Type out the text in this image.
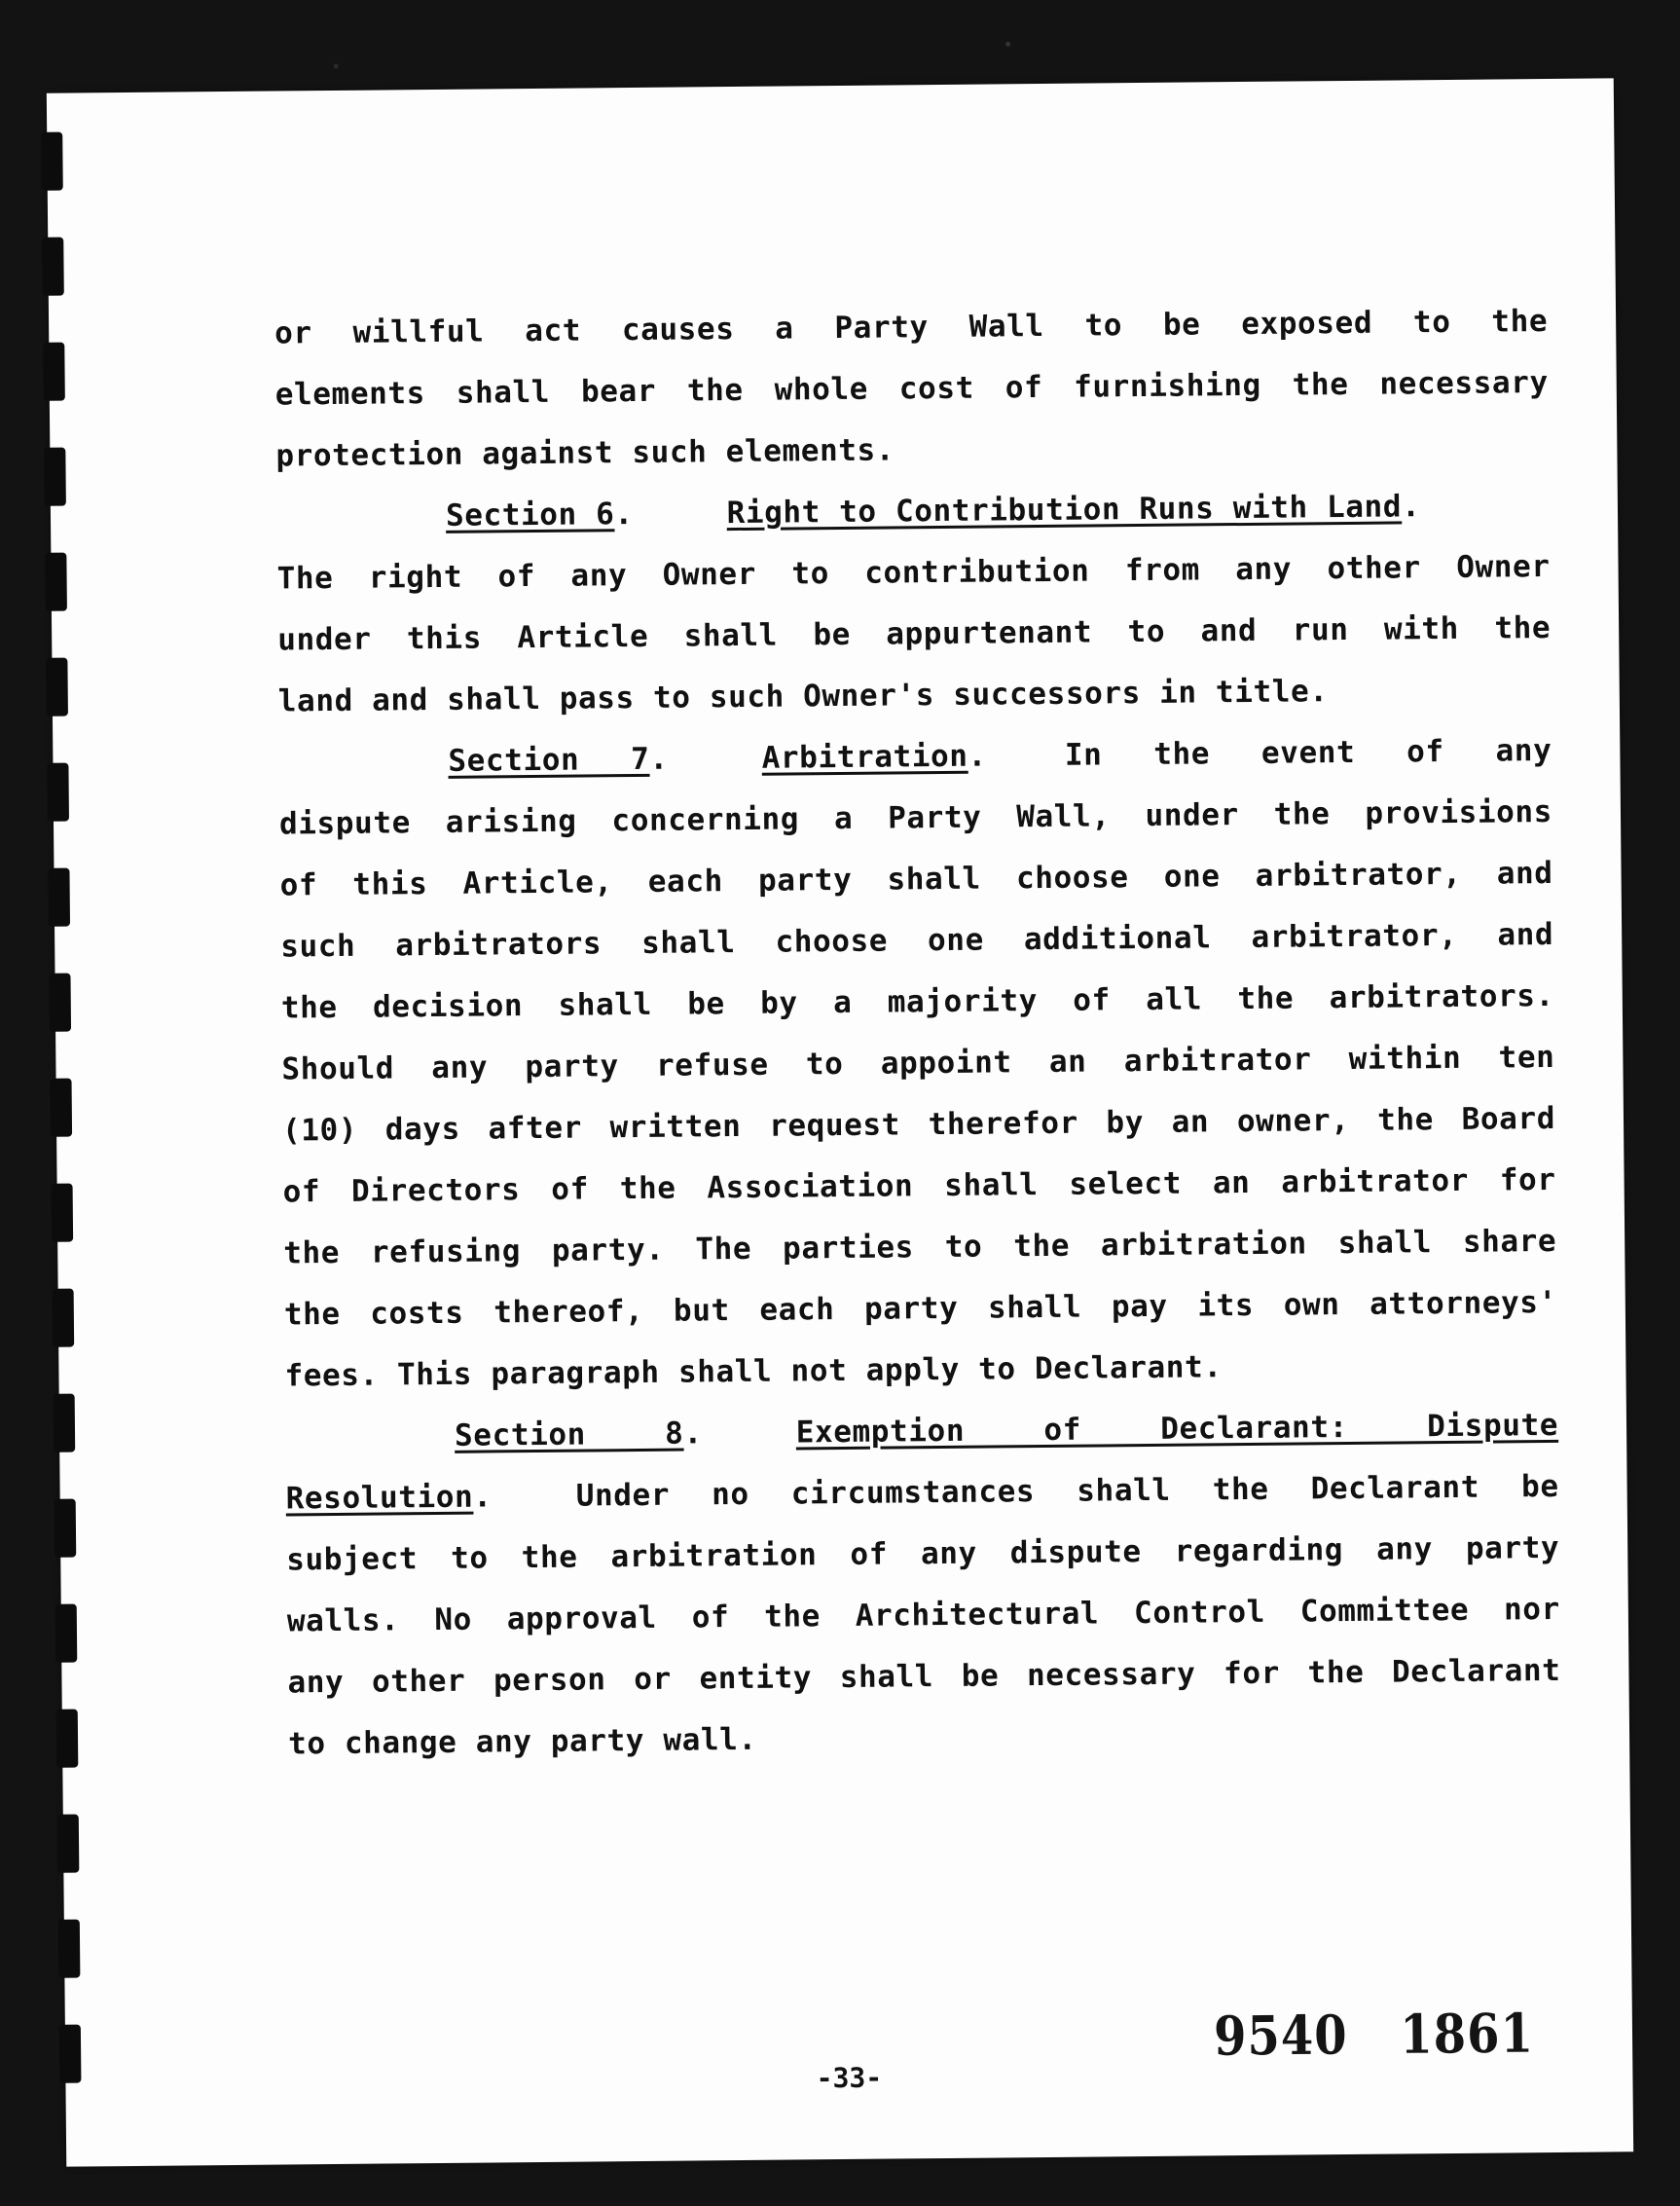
or willful act causes a Party Wall to be exposed to the
elements shall bear the whole cost of furnishing the necessary
protection against such elements.
Section 6.	Right to Contribution Runs with Land.
The right of any Owner to contribution from any other Owner
under this Article shall be appurtenant to and run with the
land and shall pass to such Owner's successors in title.
Section 7.	Arbitration.	In the event of any
dispute arising concerning a Party Wall, under the provisions
of this Article, each party shall choose one arbitrator, and
such arbitrators shall choose one additional arbitrator, and
the decision shall be by a majority of all the arbitrators.
Should any party refuse to appoint an arbitrator within ten
(10) days after written request therefor by an owner, the Board
of Directors of the Association shall select an arbitrator for
the refusing party. The parties to the arbitration shall share
the costs thereof, but each party shall pay its own attorneys'
fees. This paragraph shall not apply to Declarant.
Section 8.	Exemption of Declarant: Dispute
Resolution.  Under no circumstances shall the Declarant be
subject to the arbitration of any dispute regarding any party
walls. No approval of the Architectural Control Committee nor
any other person or entity shall be necessary for the Declarant
to change any party wall.
9540 1861
-33-
